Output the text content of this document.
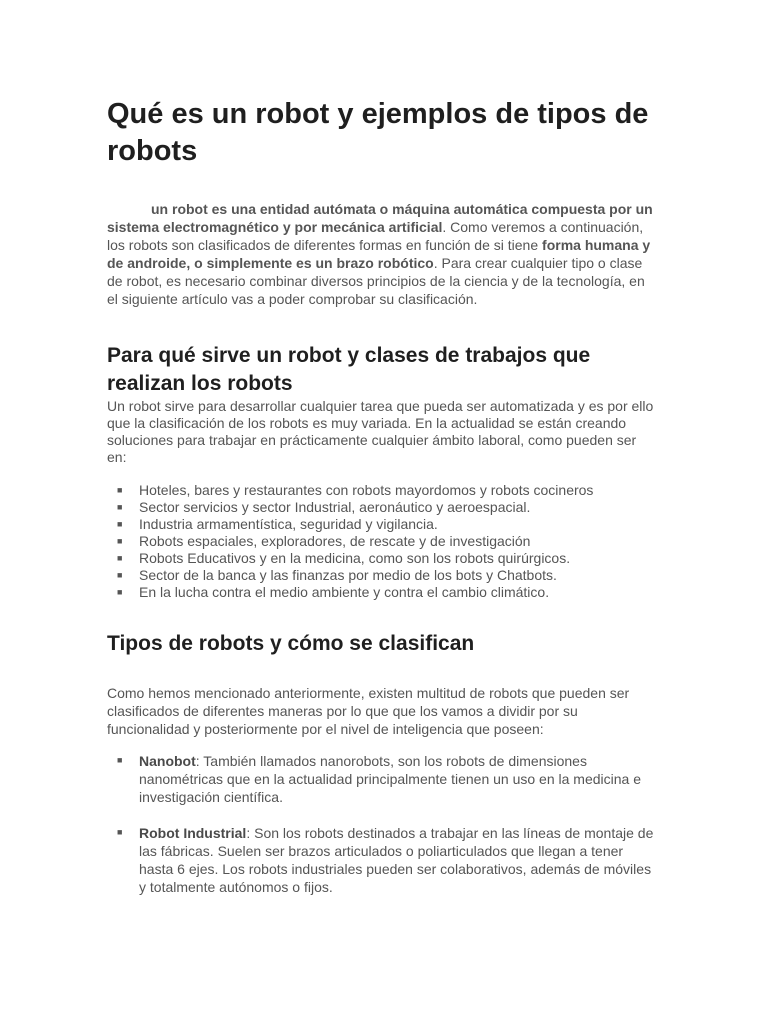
Qué es un robot y ejemplos de tipos de robots

un robot es una entidad autómata o máquina automática compuesta por un sistema electromagnético y por mecánica artificial. Como veremos a continuación, los robots son clasificados de diferentes formas en función de si tiene forma humana y de androide, o simplemente es un brazo robótico. Para crear cualquier tipo o clase de robot, es necesario combinar diversos principios de la ciencia y de la tecnología, en el siguiente artículo vas a poder comprobar su clasificación.

Para qué sirve un robot y clases de trabajos que realizan los robots

Un robot sirve para desarrollar cualquier tarea que pueda ser automatizada y es por ello que la clasificación de los robots es muy variada. En la actualidad se están creando soluciones para trabajar en prácticamente cualquier ámbito laboral, como pueden ser en:

■ Hoteles, bares y restaurantes con robots mayordomos y robots cocineros
■ Sector servicios y sector Industrial, aeronáutico y aeroespacial.
■ Industria armamentística, seguridad y vigilancia.
■ Robots espaciales, exploradores, de rescate y de investigación
■ Robots Educativos y en la medicina, como son los robots quirúrgicos.
■ Sector de la banca y las finanzas por medio de los bots y Chatbots.
■ En la lucha contra el medio ambiente y contra el cambio climático.
Tipos de robots y cómo se clasifican

Como hemos mencionado anteriormente, existen multitud de robots que pueden ser clasificados de diferentes maneras por lo que que los vamos a dividir por su funcionalidad y posteriormente por el nivel de inteligencia que poseen:

■ Nanobot: También llamados nanorobots, son los robots de dimensiones nanométricas que en la actualidad principalmente tienen un uso en la medicina e investigación científica.
■ Robot Industrial: Son los robots destinados a trabajar en las líneas de montaje de las fábricas. Suelen ser brazos articulados o poliarticulados que llegan a tener hasta 6 ejes. Los robots industriales pueden ser colaborativos, además de móviles y totalmente autónomos o fijos.
